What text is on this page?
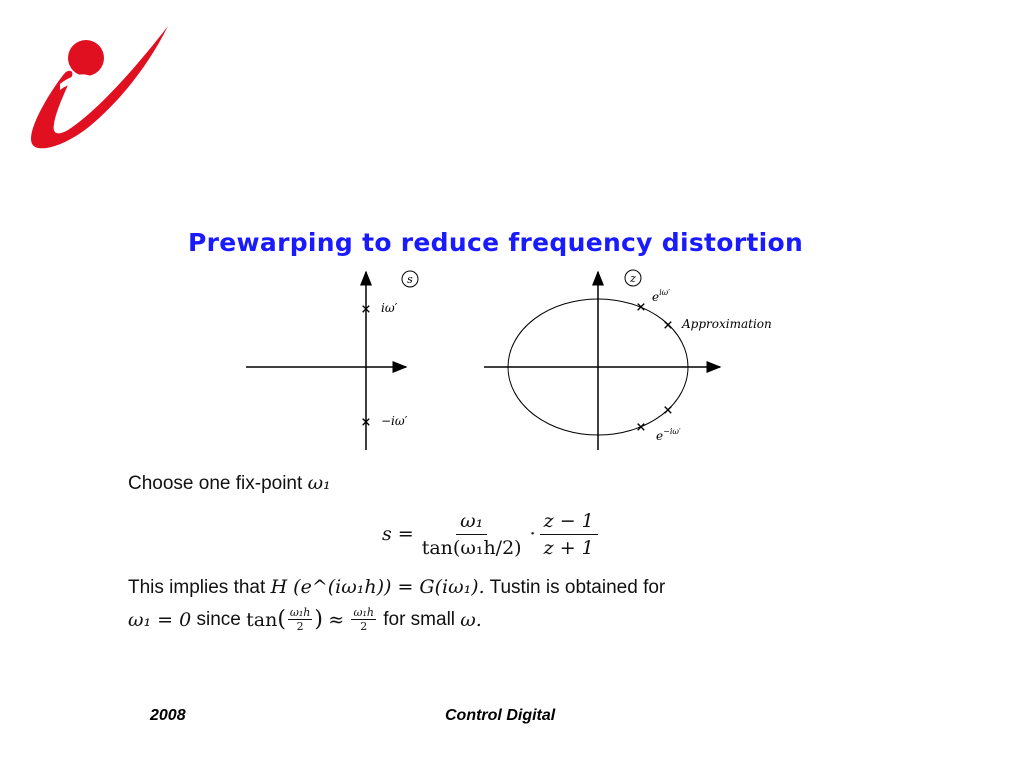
Prewarping to reduce frequency distortion
s
× iω′
× −iω′
z
×
$e^{i\omega'}$
× Approximation
×
×
$e^{-i\omega'}$
Choose one fix-point ω₁
$s = \frac{\text{ω₁}}{\text{tan(ω₁h/2)}} \cdot \frac{z - 1}{z + 1}$
This implies that H (e^(iω₁h)) = G(iω₁). Tustin is obtained for
ω₁ = 0
since
tan ( $\frac{\text{ω₁h}}{2}$ )
≈
$\frac{\text{ω₁h}}{2}$
for small
ω.
2008	Control Digital
